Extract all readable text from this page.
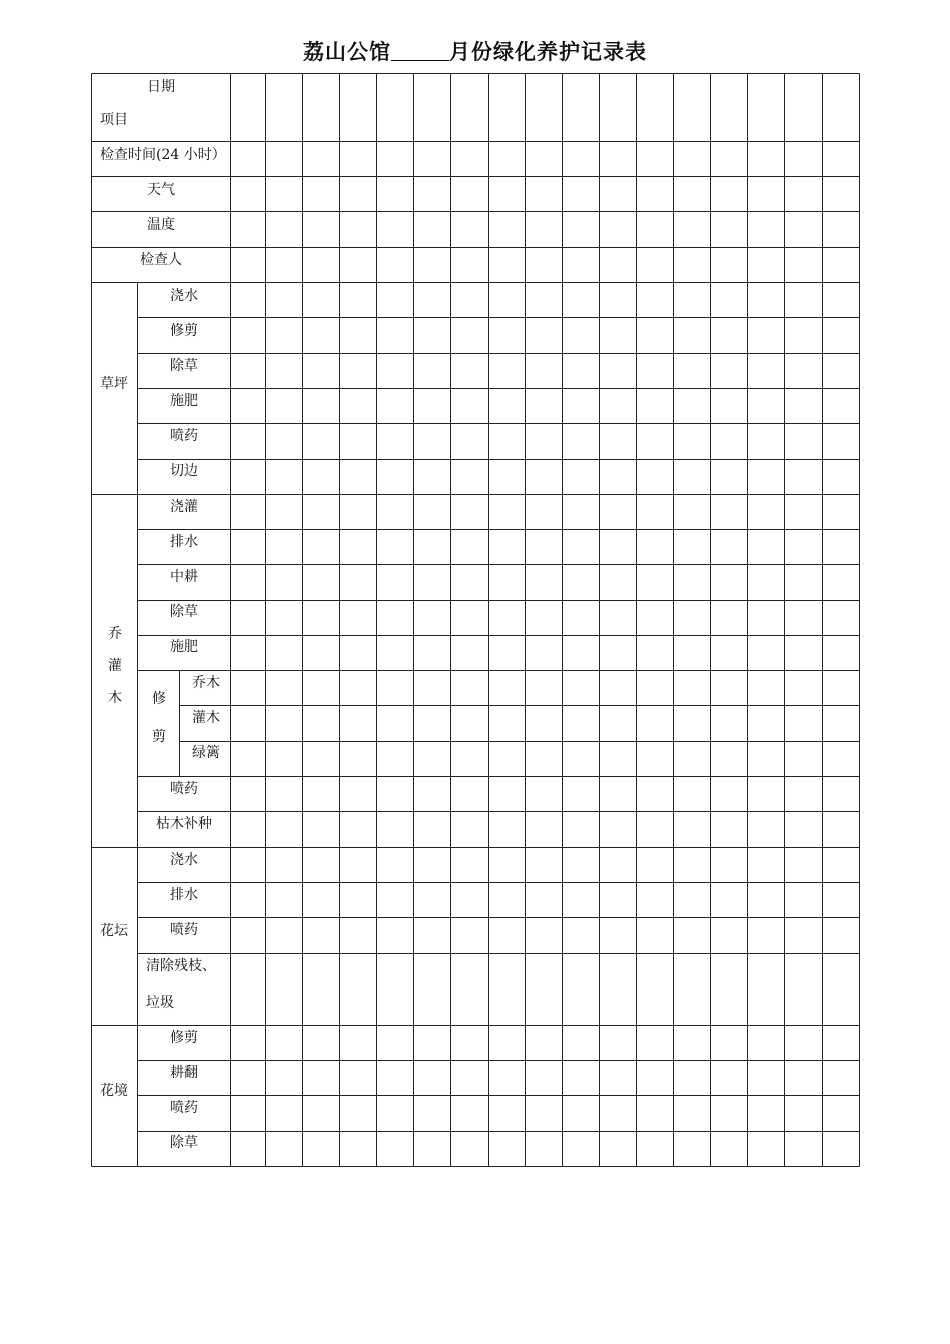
荔山公馆	月份绿化养护记录表
日期
项目
检查时间(24 小时）
天气
温度
检查人
草坪
浇水
修剪
除草
施肥
喷药
切边
乔
灌
木
浇灌
排水
中耕
除草
施肥
修
剪
乔木
灌木
绿篱
喷药
枯木补种
花坛
浇水
排水
喷药
清除残枝、
垃圾
花境
修剪
耕翻
喷药
除草
